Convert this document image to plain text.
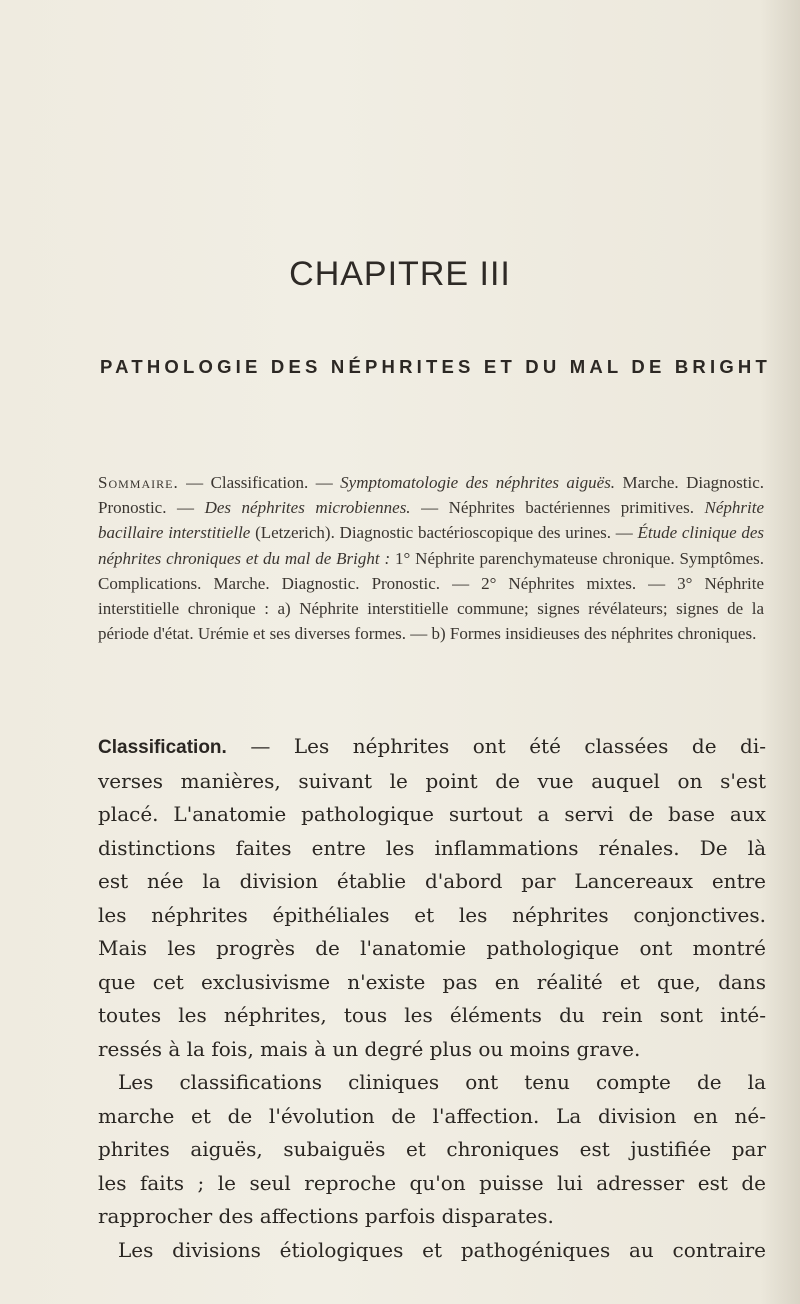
CHAPITRE III
PATHOLOGIE DES NÉPHRITES ET DU MAL DE BRIGHT
Sommaire. — Classification. — Symptomatologie des néphrites aiguës. Marche. Diagnostic. Pronostic. — Des néphrites microbiennes. — Néphrites bactériennes primitives. Néphrite bacillaire interstitielle (Letzerich). Diagnostic bactérioscopique des urines. — Étude clinique des néphrites chroniques et du mal de Bright : 1° Néphrite parenchymateuse chronique. Symptômes. Complications. Marche. Diagnostic. Pronostic. — 2° Néphrites mixtes. — 3° Néphrite interstitielle chronique : a) Néphrite interstitielle commune; signes révélateurs; signes de la période d'état. Urémie et ses diverses formes. — b) Formes insidieuses des néphrites chroniques.

Classification. — Les néphrites ont été classées de di-
verses manières, suivant le point de vue auquel on s'est
placé. L'anatomie pathologique surtout a servi de base aux
distinctions faites entre les inflammations rénales. De là
est née la division établie d'abord par Lancereaux entre
les néphrites épithéliales et les néphrites conjonctives.
Mais les progrès de l'anatomie pathologique ont montré
que cet exclusivisme n'existe pas en réalité et que, dans
toutes les néphrites, tous les éléments du rein sont inté-
ressés à la fois, mais à un degré plus ou moins grave.

Les classifications cliniques ont tenu compte de la
marche et de l'évolution de l'affection. La division en né-
phrites aiguës, subaiguës et chroniques est justifiée par
les faits ; le seul reproche qu'on puisse lui adresser est de
rapprocher des affections parfois disparates.

Les divisions étiologiques et pathogéniques au contraire
